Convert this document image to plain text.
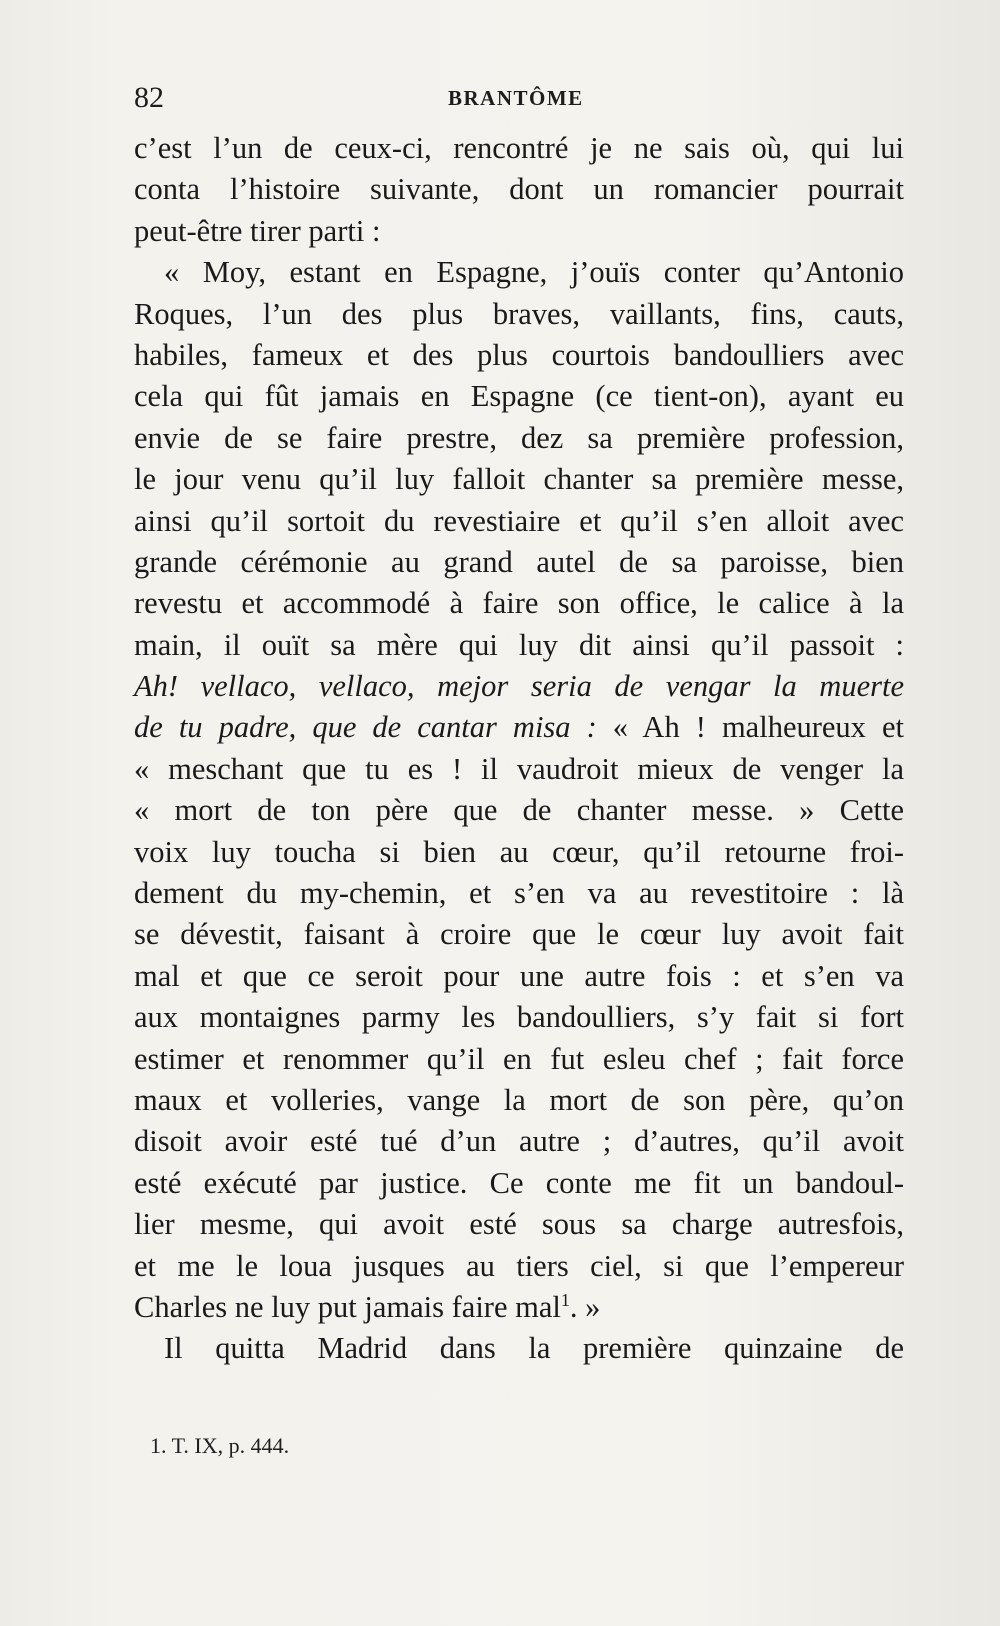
82	BRANTÔME
c’est l’un de ceux-ci, rencontré je ne sais où, qui lui
conta l’histoire suivante, dont un romancier pourrait
peut-être tirer parti :
« Moy, estant en Espagne, j’ouïs conter qu’Antonio
Roques, l’un des plus braves, vaillants, fins, cauts,
habiles, fameux et des plus courtois bandoulliers avec
cela qui fût jamais en Espagne (ce tient-on), ayant eu
envie de se faire prestre, dez sa première profession,
le jour venu qu’il luy falloit chanter sa première messe,
ainsi qu’il sortoit du revestiaire et qu’il s’en alloit avec
grande cérémonie au grand autel de sa paroisse, bien
revestu et accommodé à faire son office, le calice à la
main, il ouït sa mère qui luy dit ainsi qu’il passoit :
Ah! vellaco, vellaco, mejor seria de vengar la muerte
de tu padre, que de cantar misa : « Ah ! malheureux et
« meschant que tu es ! il vaudroit mieux de venger la
« mort de ton père que de chanter messe. » Cette
voix luy toucha si bien au cœur, qu’il retourne froi-
dement du my-chemin, et s’en va au revestitoire : là
se dévestit, faisant à croire que le cœur luy avoit fait
mal et que ce seroit pour une autre fois : et s’en va
aux montaignes parmy les bandoulliers, s’y fait si fort
estimer et renommer qu’il en fut esleu chef ; fait force
maux et volleries, vange la mort de son père, qu’on
disoit avoir esté tué d’un autre ; d’autres, qu’il avoit
esté exécuté par justice. Ce conte me fit un bandoul-
lier mesme, qui avoit esté sous sa charge autresfois,
et me le loua jusques au tiers ciel, si que l’empereur
Charles ne luy put jamais faire mal$^1$. »
Il quitta Madrid dans la première quinzaine de
1. T. IX, p. 444.
